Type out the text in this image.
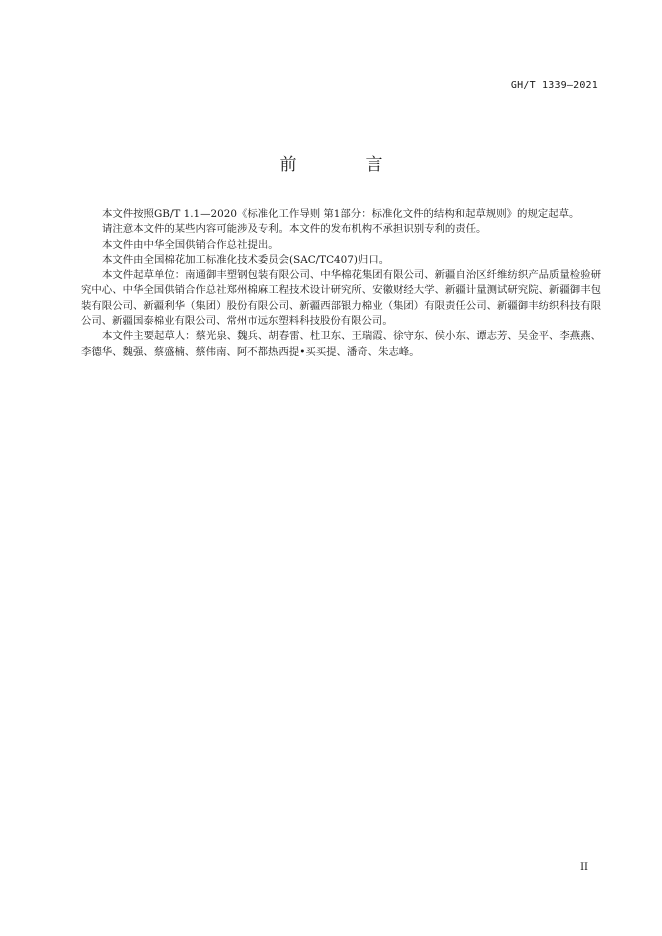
GH/T 1339—2021
前　言

本文件按照GB/T 1.1—2020《标准化工作导则 第1部分：标准化文件的结构和起草规则》的规定起草。

请注意本文件的某些内容可能涉及专利。本文件的发布机构不承担识别专利的责任。

本文件由中华全国供销合作总社提出。

本文件由全国棉花加工标准化技术委员会(SAC/TC407)归口。

本文件起草单位：南通御丰塑钢包装有限公司、中华棉花集团有限公司、新疆自治区纤维纺织产品质量检验研究中心、中华全国供销合作总社郑州棉麻工程技术设计研究所、安徽财经大学、新疆计量测试研究院、新疆御丰包装有限公司、新疆利华（集团）股份有限公司、新疆西部银力棉业（集团）有限责任公司、新疆御丰纺织科技有限公司、新疆国泰棉业有限公司、常州市远东塑料科技股份有限公司。

本文件主要起草人：蔡光泉、魏兵、胡春雷、杜卫东、王瑞霞、徐守东、侯小东、谭志芳、吴金平、李燕燕、李德华、魏强、蔡盛楠、蔡伟南、阿不都热西提•买买提、潘奇、朱志峰。

II
